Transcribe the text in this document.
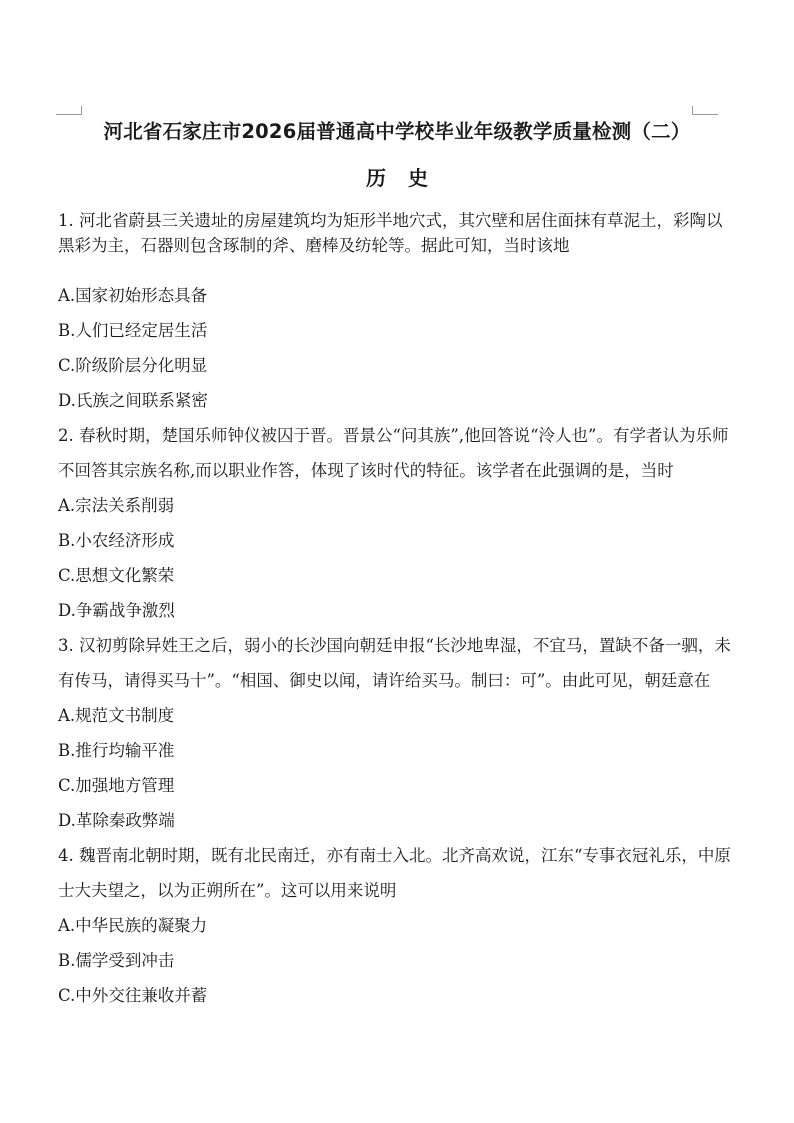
河北省石家庄市2026届普通高中学校毕业年级教学质量检测（二）
历史

1. 河北省蔚县三关遗址的房屋建筑均为矩形半地穴式，其穴壁和居住面抹有草泥土，彩陶以黑彩为主，石器则包含琢制的斧、磨棒及纺轮等。据此可知，当时该地

A.国家初始形态具备

B.人们已经定居生活

C.阶级阶层分化明显

D.氏族之间联系紧密

2. 春秋时期，楚国乐师钟仪被囚于晋。晋景公“问其族”,他回答说“泠人也”。有学者认为乐师不回答其宗族名称,而以职业作答，体现了该时代的特征。该学者在此强调的是，当时

A.宗法关系削弱

B.小农经济形成

C.思想文化繁荣

D.争霸战争激烈

3. 汉初剪除异姓王之后，弱小的长沙国向朝廷申报“长沙地卑湿，不宜马，置缺不备一驷，未有传马，请得买马十”。“相国、御史以闻，请许给买马。制曰：可”。由此可见，朝廷意在

A.规范文书制度

B.推行均输平准

C.加强地方管理

D.革除秦政弊端

4. 魏晋南北朝时期，既有北民南迁，亦有南士入北。北齐高欢说，江东“专事衣冠礼乐，中原士大夫望之，以为正朔所在”。这可以用来说明

A.中华民族的凝聚力

B.儒学受到冲击

C.中外交往兼收并蓄
